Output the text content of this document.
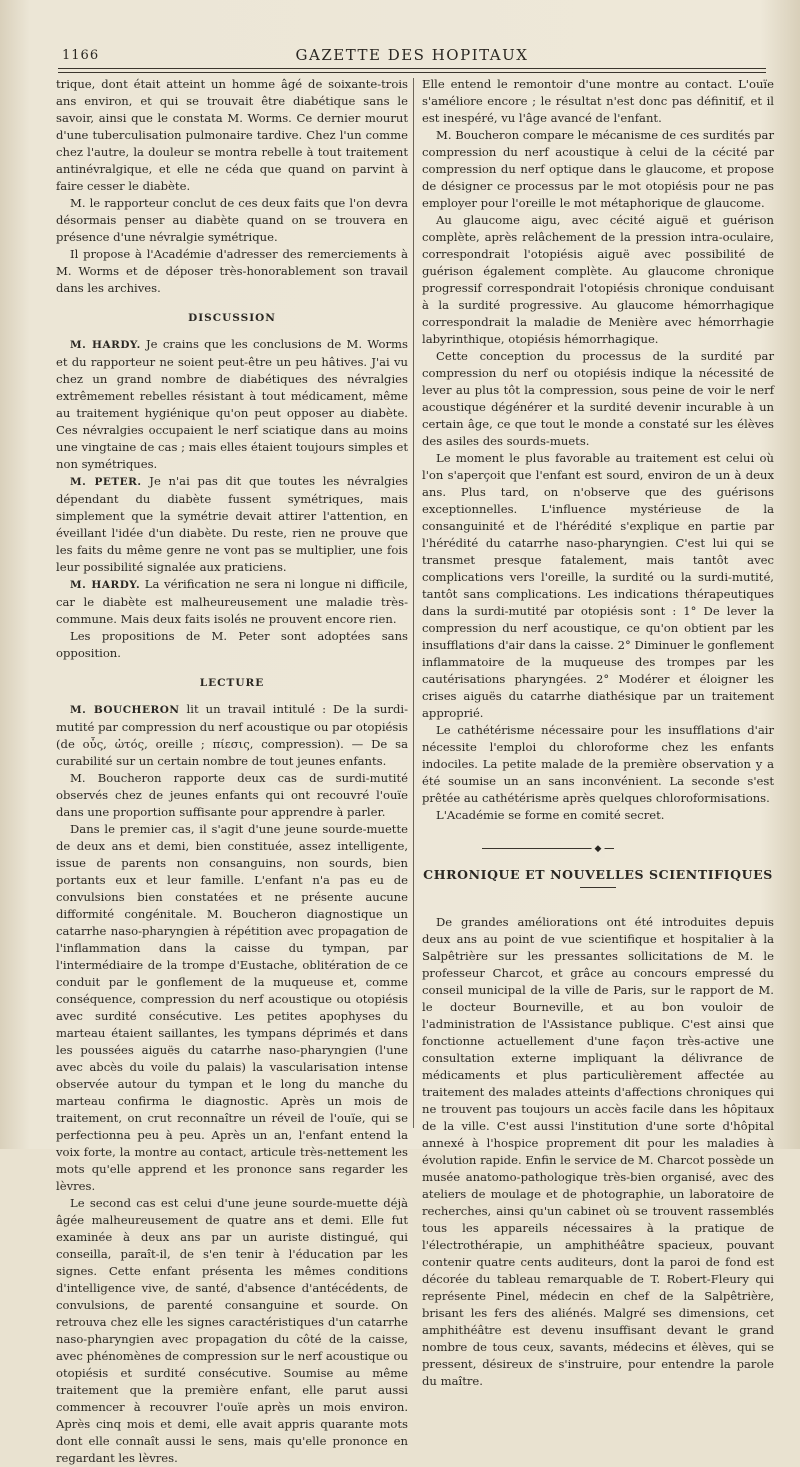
1166	GAZETTE DES HOPITAUX

trique, dont était atteint un homme âgé de soixante-trois ans environ, et qui se trouvait être diabétique sans le savoir, ainsi que le constata M. Worms. Ce dernier mourut d'une tuberculisation pulmonaire tardive. Chez l'un comme chez l'autre, la douleur se montra rebelle à tout traitement antinévralgique, et elle ne céda que quand on parvint à faire cesser le diabète.

M. le rapporteur conclut de ces deux faits que l'on devra désormais penser au diabète quand on se trouvera en présence d'une névralgie symétrique.

Il propose à l'Académie d'adresser des remerciements à M. Worms et de déposer très-honorablement son travail dans les archives.

DISCUSSION

M. HARDY. Je crains que les conclusions de M. Worms et du rapporteur ne soient peut-être un peu hâtives. J'ai vu chez un grand nombre de diabétiques des névralgies extrêmement rebelles résistant à tout médicament, même au traitement hygiénique qu'on peut opposer au diabète. Ces névralgies occupaient le nerf sciatique dans au moins une vingtaine de cas ; mais elles étaient toujours simples et non symétriques.

M. PETER. Je n'ai pas dit que toutes les névralgies dépendant du diabète fussent symétriques, mais simplement que la symétrie devait attirer l'attention, en éveillant l'idée d'un diabète. Du reste, rien ne prouve que les faits du même genre ne vont pas se multiplier, une fois leur possibilité signalée aux praticiens.

M. HARDY. La vérification ne sera ni longue ni difficile, car le diabète est malheureusement une maladie très-commune. Mais deux faits isolés ne prouvent encore rien.

Les propositions de M. Peter sont adoptées sans opposition.

LECTURE

M. BOUCHERON lit un travail intitulé : De la surdi-mutité par compression du nerf acoustique ou par otopiésis (de οὖς, ὠτός, oreille ; πίεσις, compression). — De sa curabilité sur un certain nombre de tout jeunes enfants.

M. Boucheron rapporte deux cas de surdi-mutité observés chez de jeunes enfants qui ont recouvré l'ouïe dans une proportion suffisante pour apprendre à parler.

Dans le premier cas, il s'agit d'une jeune sourde-muette de deux ans et demi, bien constituée, assez intelligente, issue de parents non consanguins, non sourds, bien portants eux et leur famille. L'enfant n'a pas eu de convulsions bien constatées et ne présente aucune difformité congénitale. M. Boucheron diagnostique un catarrhe naso-pharyngien à répétition avec propagation de l'inflammation dans la caisse du tympan, par l'intermédiaire de la trompe d'Eustache, oblitération de ce conduit par le gonflement de la muqueuse et, comme conséquence, compression du nerf acoustique ou otopiésis avec surdité consécutive. Les petites apophyses du marteau étaient saillantes, les tympans déprimés et dans les poussées aiguës du catarrhe naso-pharyngien (l'une avec abcès du voile du palais) la vascularisation intense observée autour du tympan et le long du manche du marteau confirma le diagnostic. Après un mois de traitement, on crut reconnaître un réveil de l'ouïe, qui se perfectionna peu à peu. Après un an, l'enfant entend la voix forte, la montre au contact, articule très-nettement les mots qu'elle apprend et les prononce sans regarder les lèvres.

Le second cas est celui d'une jeune sourde-muette déjà âgée malheureusement de quatre ans et demi. Elle fut examinée à deux ans par un auriste distingué, qui conseilla, paraît-il, de s'en tenir à l'éducation par les signes. Cette enfant présenta les mêmes conditions d'intelligence vive, de santé, d'absence d'antécédents, de convulsions, de parenté consanguine et sourde. On retrouva chez elle les signes caractéristiques d'un catarrhe naso-pharyngien avec propagation du côté de la caisse, avec phénomènes de compression sur le nerf acoustique ou otopiésis et surdité consécutive. Soumise au même traitement que la première enfant, elle parut aussi commencer à recouvrer l'ouïe après un mois environ. Après cinq mois et demi, elle avait appris quarante mots dont elle connaît aussi le sens, mais qu'elle prononce en regardant les lèvres.

Elle entend le remontoir d'une montre au contact. L'ouïe s'améliore encore ; le résultat n'est donc pas définitif, et il est inespéré, vu l'âge avancé de l'enfant.

M. Boucheron compare le mécanisme de ces surdités par compression du nerf acoustique à celui de la cécité par compression du nerf optique dans le glaucome, et propose de désigner ce processus par le mot otopiésis pour ne pas employer pour l'oreille le mot métaphorique de glaucome.

Au glaucome aigu, avec cécité aiguë et guérison complète, après relâchement de la pression intra-oculaire, correspondrait l'otopiésis aiguë avec possibilité de guérison également complète. Au glaucome chronique progressif correspondrait l'otopiésis chronique conduisant à la surdité progressive. Au glaucome hémorrhagique correspondrait la maladie de Menière avec hémorrhagie labyrinthique, otopiésis hémorrhagique.

Cette conception du processus de la surdité par compression du nerf ou otopiésis indique la nécessité de lever au plus tôt la compression, sous peine de voir le nerf acoustique dégénérer et la surdité devenir incurable à un certain âge, ce que tout le monde a constaté sur les élèves des asiles des sourds-muets.

Le moment le plus favorable au traitement est celui où l'on s'aperçoit que l'enfant est sourd, environ de un à deux ans. Plus tard, on n'observe que des guérisons exceptionnelles. L'influence mystérieuse de la consanguinité et de l'hérédité s'explique en partie par l'hérédité du catarrhe naso-pharyngien. C'est lui qui se transmet presque fatalement, mais tantôt avec complications vers l'oreille, la surdité ou la surdi-mutité, tantôt sans complications. Les indications thérapeutiques dans la surdi-mutité par otopiésis sont : 1° De lever la compression du nerf acoustique, ce qu'on obtient par les insufflations d'air dans la caisse. 2° Diminuer le gonflement inflammatoire de la muqueuse des trompes par les cautérisations pharyngées. 2° Modérer et éloigner les crises aiguës du catarrhe diathésique par un traitement approprié.

Le cathétérisme nécessaire pour les insufflations d'air nécessite l'emploi du chloroforme chez les enfants indociles. La petite malade de la première observation y a été soumise un an sans inconvénient. La seconde s'est prêtée au cathétérisme après quelques chloroformisations.

L'Académie se forme en comité secret.

◆
CHRONIQUE ET NOUVELLES SCIENTIFIQUES

De grandes améliorations ont été introduites depuis deux ans au point de vue scientifique et hospitalier à la Salpêtrière sur les pressantes sollicitations de M. le professeur Charcot, et grâce au concours empressé du conseil municipal de la ville de Paris, sur le rapport de M. le docteur Bourneville, et au bon vouloir de l'administration de l'Assistance publique. C'est ainsi que fonctionne actuellement d'une façon très-active une consultation externe impliquant la délivrance de médicaments et plus particulièrement affectée au traitement des malades atteints d'affections chroniques qui ne trouvent pas toujours un accès facile dans les hôpitaux de la ville. C'est aussi l'institution d'une sorte d'hôpital annexé à l'hospice proprement dit pour les maladies à évolution rapide. Enfin le service de M. Charcot possède un musée anatomo-pathologique très-bien organisé, avec des ateliers de moulage et de photographie, un laboratoire de recherches, ainsi qu'un cabinet où se trouvent rassemblés tous les appareils nécessaires à la pratique de l'électrothérapie, un amphithéâtre spacieux, pouvant contenir quatre cents auditeurs, dont la paroi de fond est décorée du tableau remarquable de T. Robert-Fleury qui représente Pinel, médecin en chef de la Salpêtrière, brisant les fers des aliénés. Malgré ses dimensions, cet amphithéâtre est devenu insuffisant devant le grand nombre de tous ceux, savants, médecins et élèves, qui se pressent, désireux de s'instruire, pour entendre la parole du maître.
